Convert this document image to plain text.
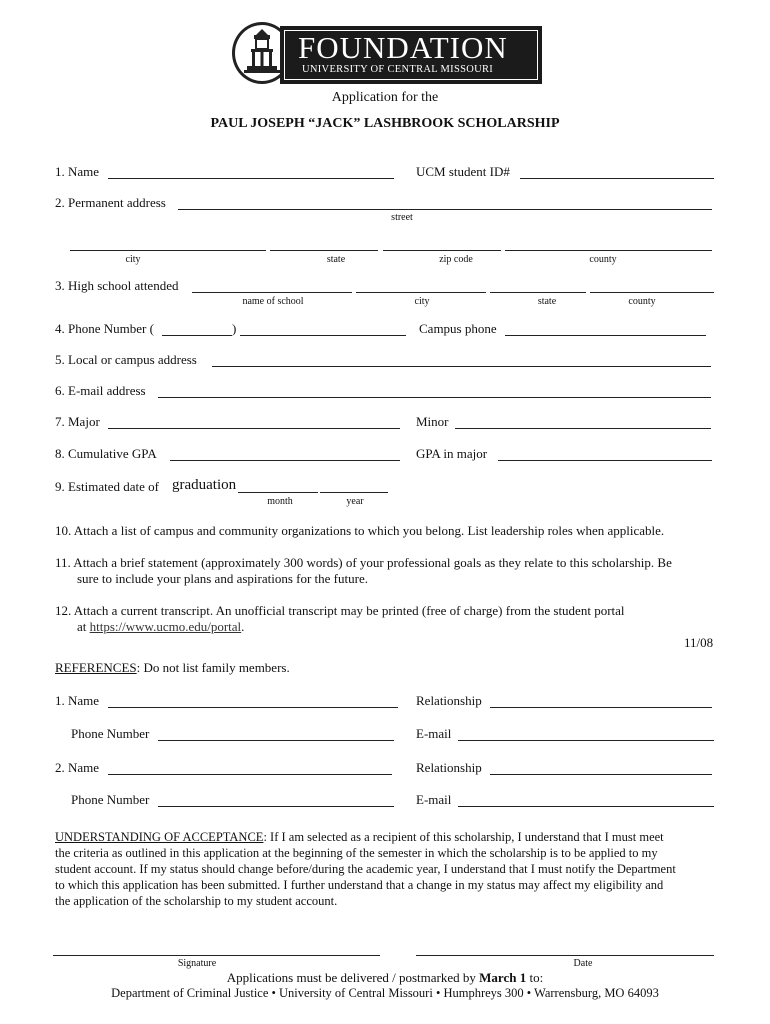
FOUNDATION
UNIVERSITY OF CENTRAL MISSOURI
Application for the
PAUL JOSEPH “JACK” LASHBROOK SCHOLARSHIP
1. Name	UCM student ID#
2. Permanent address
street
city	state	zip code	county
3. High school attended
name of school	city	state	county
4. Phone Number (	)	Campus phone
5. Local or campus address
6. E-mail address
7. Major	Minor
8. Cumulative GPA	GPA in major
9. Estimated date of graduation
month	year
10. Attach a list of campus and community organizations to which you belong. List leadership roles when applicable.
11. Attach a brief statement (approximately 300 words) of your professional goals as they relate to this scholarship. Be
sure to include your plans and aspirations for the future.
12. Attach a current transcript. An unofficial transcript may be printed (free of charge) from the student portal
at https://www.ucmo.edu/portal.
11/08
REFERENCES: Do not list family members.
1. Name	Relationship
Phone Number	E-mail
2. Name	Relationship
Phone Number	E-mail
UNDERSTANDING OF ACCEPTANCE: If I am selected as a recipient of this scholarship, I understand that I must meet
the criteria as outlined in this application at the beginning of the semester in which the scholarship is to be applied to my
student account. If my status should change before/during the academic year, I understand that I must notify the Department
to which this application has been submitted. I further understand that a change in my status may affect my eligibility and
the application of the scholarship to my student account.
Signature	Date
Applications must be delivered / postmarked by March 1 to:
Department of Criminal Justice • University of Central Missouri • Humphreys 300 • Warrensburg, MO 64093
